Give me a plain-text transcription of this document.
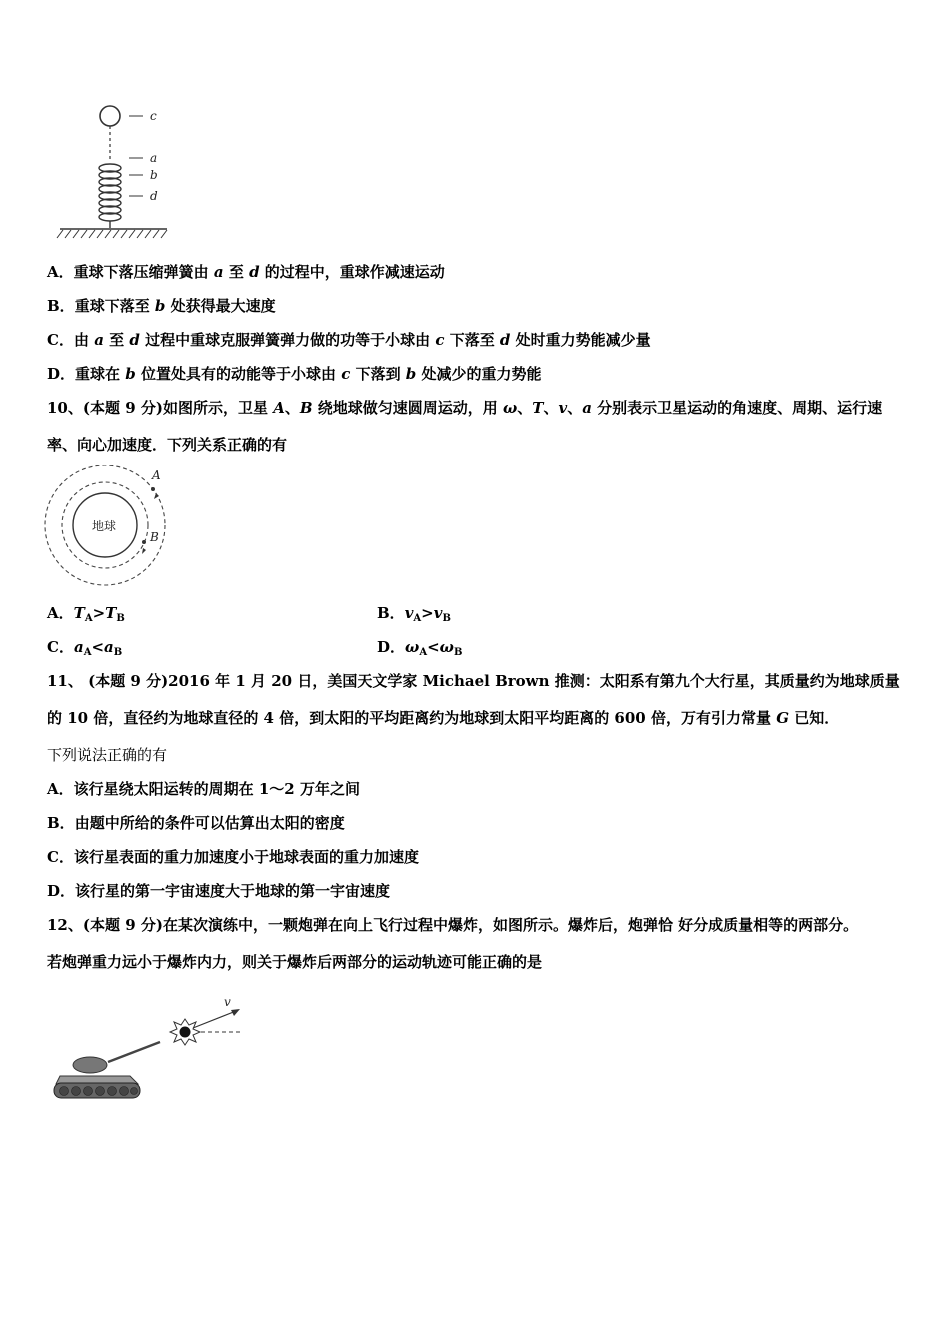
c
a
b
d
A．重球下落压缩弹簧由 a 至 d 的过程中，重球作减速运动
B．重球下落至 b 处获得最大速度
C．由 a 至 d 过程中重球克服弹簧弹力做的功等于小球由 c 下落至 d 处时重力势能减少量
D．重球在 b 位置处具有的动能等于小球由 c 下落到 b 处减少的重力势能
10、(本题 9 分)如图所示，卫星 A、B 绕地球做匀速圆周运动，用 ω、T、v、a 分别表示卫星运动的角速度、周期、运行速
率、向心加速度．下列关系正确的有
地球
A
B
A．$T_A>T_B$	B．$v_A>v_B$
C．$a_A<a_B$	D．$\omega_A<\omega_B$
11、 (本题 9 分)2016 年 1 月 20 日，美国天文学家 Michael Brown 推测：太阳系有第九个大行星，其质量约为地球质量
的 10 倍，直径约为地球直径的 4 倍，到太阳的平均距离约为地球到太阳平均距离的 600 倍，万有引力常量 G 已知．
下列说法正确的有
A．该行星绕太阳运转的周期在 1～2 万年之间
B．由题中所给的条件可以估算出太阳的密度
C．该行星表面的重力加速度小于地球表面的重力加速度
D．该行星的第一宇宙速度大于地球的第一宇宙速度
12、(本题 9 分)在某次演练中，一颗炮弹在向上飞行过程中爆炸，如图所示。爆炸后，炮弹恰 好分成质量相等的两部分。
若炮弹重力远小于爆炸内力，则关于爆炸后两部分的运动轨迹可能正确的是
v
